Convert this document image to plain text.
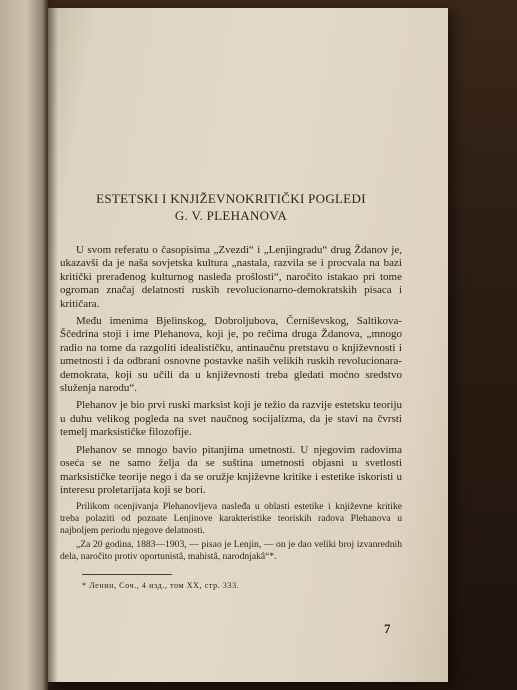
ESTETSKI I KNJIŽEVNOKRITIČKI POGLEDI
G. V. PLEHANOVA

U svom referatu o časopisima „Zvezdi“ i „Lenjingradu“ drug Ždanov je, ukazavši da je naša sovjetska kultura „nastala, razvila se i procvala na bazi kritički prerađenog kulturnog nasleđa prošlosti“, naročito istakao pri tome ogroman značaj delatnosti ruskih revolucionarno-demokratskih pisaca i kritičara.

Među imenima Bjelinskog, Dobroljubova, Černiševskog, Saltikova-Ščedrina stoji i ime Plehanova, koji je, po rečima druga Ždanova, „mnogo radio na tome da razgoliti idealističku, antinaučnu pretstavu o književnosti i umetnosti i da odbrani osnovne postavke naših velikih ruskih revolucionara-demokrata, koji su učili da u književnosti treba gledati moćno sredstvo služenja narodu“.

Plehanov je bio prvi ruski marksist koji je težio da razvije estetsku teoriju u duhu velikog pogleda na svet naučnog socijalizma, da je stavi na čvrsti temelj marksističke filozofije.

Plehanov se mnogo bavio pitanjima umetnosti. U njegovim radovima oseća se ne samo želja da se suština umetnosti objasni u svetlosti marksističke teorije nego i da se oružje književne kritike i estetike iskoristi u interesu proletarijata koji se bori.

Prilikom ocenjivanja Plehanovljeva nasleđa u oblasti estetike i književne kritike treba polaziti od poznate Lenjinove karakteristike teoriskih radova Plehanova u najboljem periodu njegove delatnosti.

„Za 20 godina, 1883—1903, — pisao je Lenjin, — on je dao veliki broj izvanrednih dela, naročito protiv oportunistâ, mahistâ, narodnjakâ“*.

* Ленин, Соч., 4 изд., том XX, стр. 333.

7
